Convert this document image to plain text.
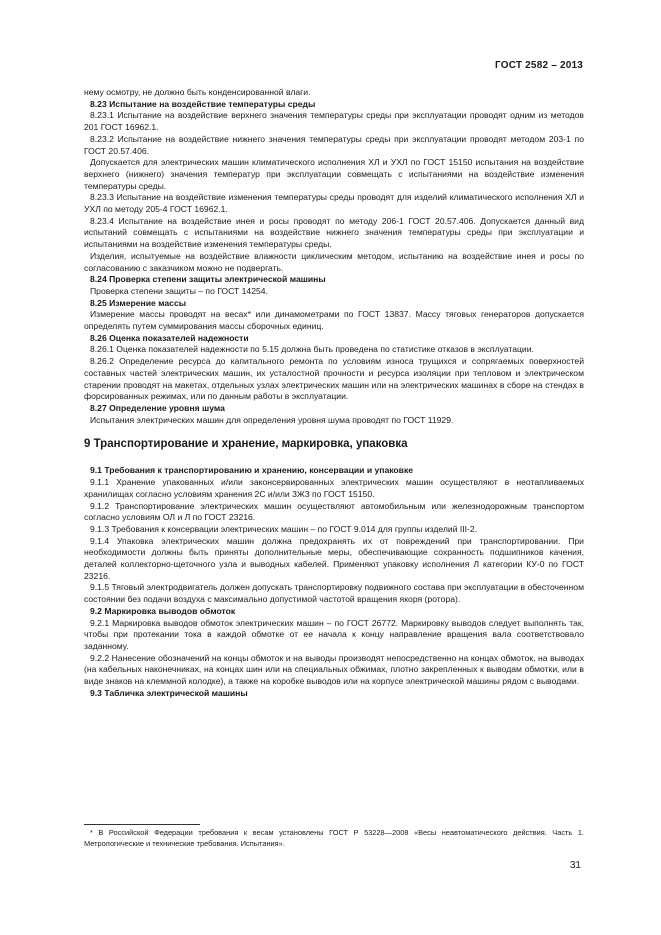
ГОСТ 2582 – 2013

нему осмотру, не должно быть конденсированной влаги.

8.23 Испытание на воздействие температуры среды

8.23.1 Испытание на воздействие верхнего значения температуры среды при эксплуатации проводят одним из методов 201 ГОСТ 16962.1.

8.23.2 Испытание на воздействие нижнего значения температуры среды при эксплуатации проводят методом 203-1 по ГОСТ 20.57.406.

Допускается для электрических машин климатического исполнения ХЛ и УХЛ по ГОСТ 15150 испытания на воздействие верхнего (нижнего) значения температур при эксплуатации совмещать с испытаниями на воздействие изменения температуры среды.

8.23.3 Испытание на воздействие изменения температуры среды проводят для изделий климатического исполнения ХЛ и УХЛ по методу 205-4 ГОСТ 16962.1.

8.23.4 Испытание на воздействие инея и росы проводят по методу 206-1 ГОСТ 20.57.406. Допускается данный вид испытаний совмещать с испытаниями на воздействие нижнего значения температуры среды при эксплуатации и испытаниями на воздействие изменения температуры среды.

Изделия, испытуемые на воздействие влажности циклическим методом, испытанию на воздействие инея и росы по согласованию с заказчиком можно не подвергать.

8.24 Проверка степени защиты электрической машины

Проверка степени защиты – по ГОСТ 14254.

8.25 Измерение массы

Измерение массы проводят на весах* или динамометрами по ГОСТ 13837. Массу тяговых генераторов допускается определять путем суммирования массы сборочных единиц.

8.26 Оценка показателей надежности

8.26.1 Оценка показателей надежности по 5.15 должна быть проведена по статистике отказов в эксплуатации.

8.26.2 Определение ресурса до капитального ремонта по условиям износа трущихся и сопрягаемых поверхностей составных частей электрических машин, их усталостной прочности и ресурса изоляции при тепловом и электрическом старении проводят на макетах, отдельных узлах электрических машин или на электрических машинах в сборе на стендах в форсированных режимах, или по данным работы в эксплуатации.

8.27 Определение уровня шума

Испытания электрических машин для определения уровня шума проводят по ГОСТ 11929.

9 Транспортирование и хранение, маркировка, упаковка

9.1 Требования к транспортированию и хранению, консервации и упаковке

9.1.1 Хранение упакованных и/или законсервированных электрических машин осуществляют в неотапливаемых хранилищах согласно условиям хранения 2С и/или 3Ж3 по ГОСТ 15150.

9.1.2 Транспортирование электрических машин осуществляют автомобильным или железнодорожным транспортом согласно условиям ОЛ и Л по ГОСТ 23216.

9.1.3 Требования к консервации электрических машин – по ГОСТ 9.014 для группы изделий III-2.

9.1.4 Упаковка электрических машин должна предохранять их от повреждений при транспортировании. При необходимости должны быть приняты дополнительные меры, обеспечивающие сохранность подшипников качения, деталей коллекторно-щеточного узла и выводных кабелей. Применяют упаковку исполнения Л категории КУ-0 по ГОСТ 23216.

9.1.5 Тяговый электродвигатель должен допускать транспортировку подвижного состава при эксплуатации в обесточенном состоянии без подачи воздуха с максимально допустимой частотой вращения якоря (ротора).

9.2 Маркировка выводов обмоток

9.2.1 Маркировка выводов обмоток электрических машин – по ГОСТ 26772. Маркировку выводов следует выполнять так, чтобы при протекании тока в каждой обмотке от ее начала к концу направление вращения вала соответствовало заданному.

9.2.2 Нанесение обозначений на концы обмоток и на выводы производят непосредственно на концах обмоток, на выводах (на кабельных наконечниках, на концах шин или на специальных обжимах, плотно закрепленных к выводам обмотки, или в виде знаков на клеммной колодке), а также на коробке выводов или на корпусе электрической машины рядом с выводами.

9.3 Табличка электрической машины

* В Российской Федерации требования к весам установлены ГОСТ Р 53228—2008 «Весы неавтоматического действия. Часть 1. Метрологические и технические требования. Испытания».
31
